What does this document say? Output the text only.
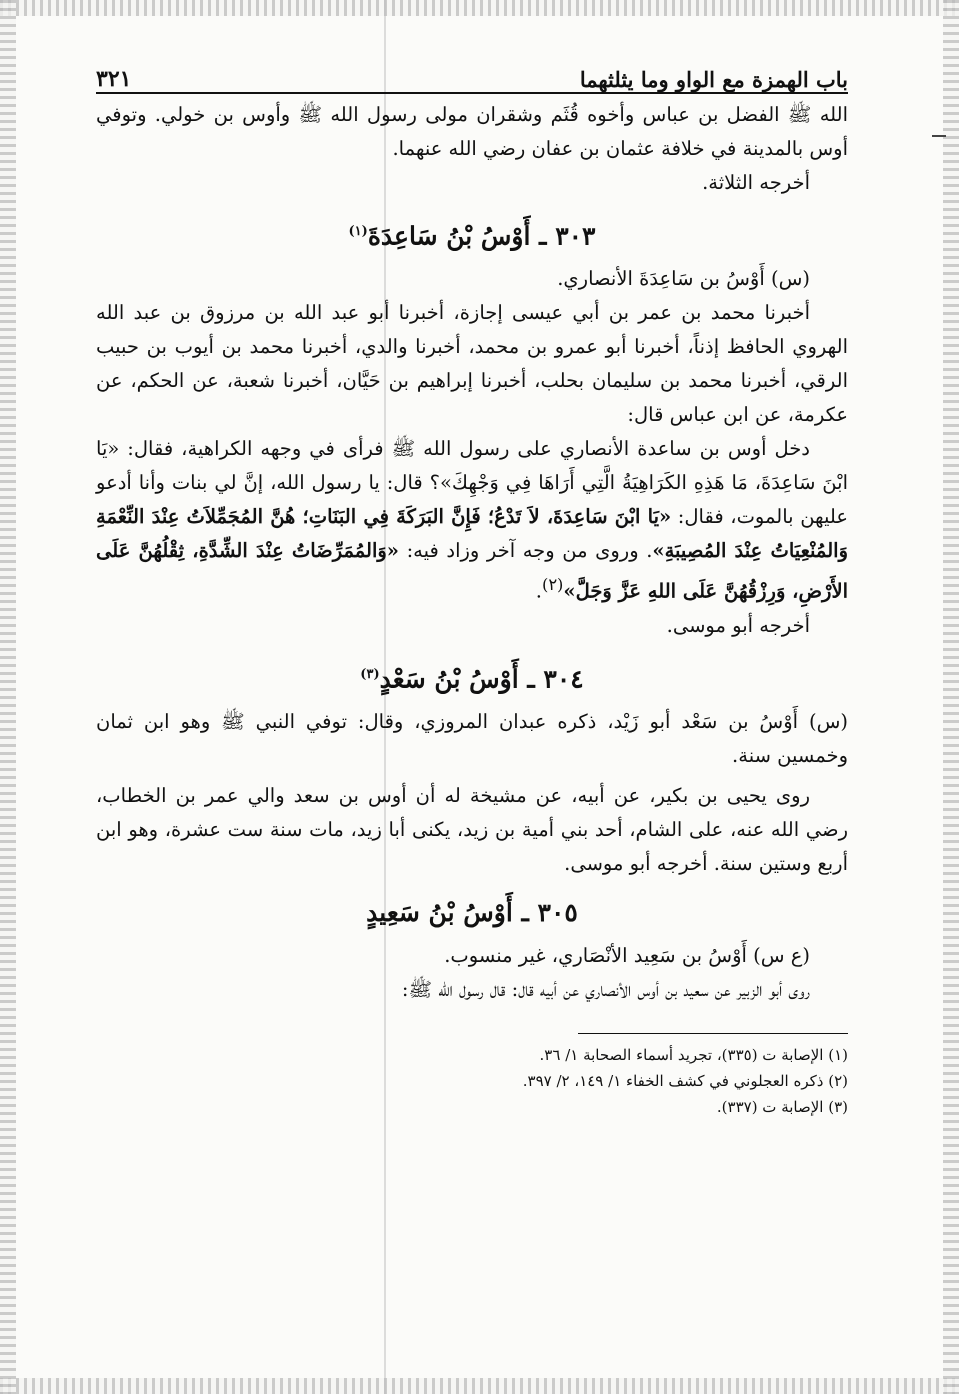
باب الهمزة مع الواو وما يثلثهما
٣٢١

الله ﷺ الفضل بن عباس وأخوه قُثَم وشقران مولى رسول الله ﷺ وأوس بن خولي. وتوفي أوس بالمدينة في خلافة عثمان بن عفان رضي الله عنهما.

أخرجه الثلاثة.

٣٠٣ ـ أَوْسُ بْنُ سَاعِدَةَ$^{(١)}$

(س) أَوْسُ بن سَاعِدَةَ الأنصاري.

أخبرنا محمد بن عمر بن أبي عيسى إجازة، أخبرنا أبو عبد الله بن مرزوق بن عبد الله الهروي الحافظ إذناً، أخبرنا أبو عمرو بن محمد، أخبرنا والدي، أخبرنا محمد بن أيوب بن حبيب الرقي، أخبرنا محمد بن سليمان بحلب، أخبرنا إبراهيم بن حَيَّان، أخبرنا شعبة، عن الحكم، عن عكرمة، عن ابن عباس قال:

دخل أوس بن ساعدة الأنصاري على رسول الله ﷺ فرأى في وجهه الكراهية، فقال: «يَا ابْنَ سَاعِدَةَ، مَا هَذِهِ الكَرَاهِيَةُ الَّتِي أَرَاهَا فِي وَجْهِكَ»؟ قال: يا رسول الله، إنَّ لي بنات وأنا أدعو عليهن بالموت، فقال: «يَا ابْنَ سَاعِدَةَ، لاَ تَدْعُ؛ فَإِنَّ البَرَكَةَ فِي البَنَاتِ؛ هُنَّ المُجَمِّلاَتُ عِنْدَ النِّعْمَةِ وَالمُنْعِيَاتُ عِنْدَ المُصِيبَةِ». وروى من وجه آخر وزاد فيه: «وَالمُمَرِّضَاتُ عِنْدَ الشِّدَّةِ، ثِقْلُهُنَّ عَلَى الأَرْضِ، وَرِزْقُهُنَّ عَلَى اللهِ عَزَّ وَجَلَّ»$^{(٢)}$.

أخرجه أبو موسى.

٣٠٤ ـ أَوْسُ بْنُ سَعْدٍ$^{(٣)}$

(س) أَوْسُ بن سَعْد أبو زَيْد، ذكره عبدان المروزي، وقال: توفي النبي ﷺ وهو ابن ثمان وخمسين سنة.

روى يحيى بن بكير، عن أبيه، عن مشيخة له أن أوس بن سعد والي عمر بن الخطاب، رضي الله عنه، على الشام، أحد بني أمية بن زيد، يكنى أبا زيد، مات سنة ست عشرة، وهو ابن أربع وستين سنة. أخرجه أبو موسى.

٣٠٥ ـ أَوْسُ بْنُ سَعِيدٍ

(ع س) أَوْسُ بن سَعِيد الأنْصَاري، غير منسوب.

روى أبو الزبير عن سعيد بن أوس الأنصاري عن أبيه قال: قال رسول الله ﷺ:

(١) الإصابة ت (٣٣٥)، تجريد أسماء الصحابة ١/ ٣٦.

(٢) ذكره العجلوني في كشف الخفاء ١/ ١٤٩، ٢/ ٣٩٧.

(٣) الإصابة ت (٣٣٧).
